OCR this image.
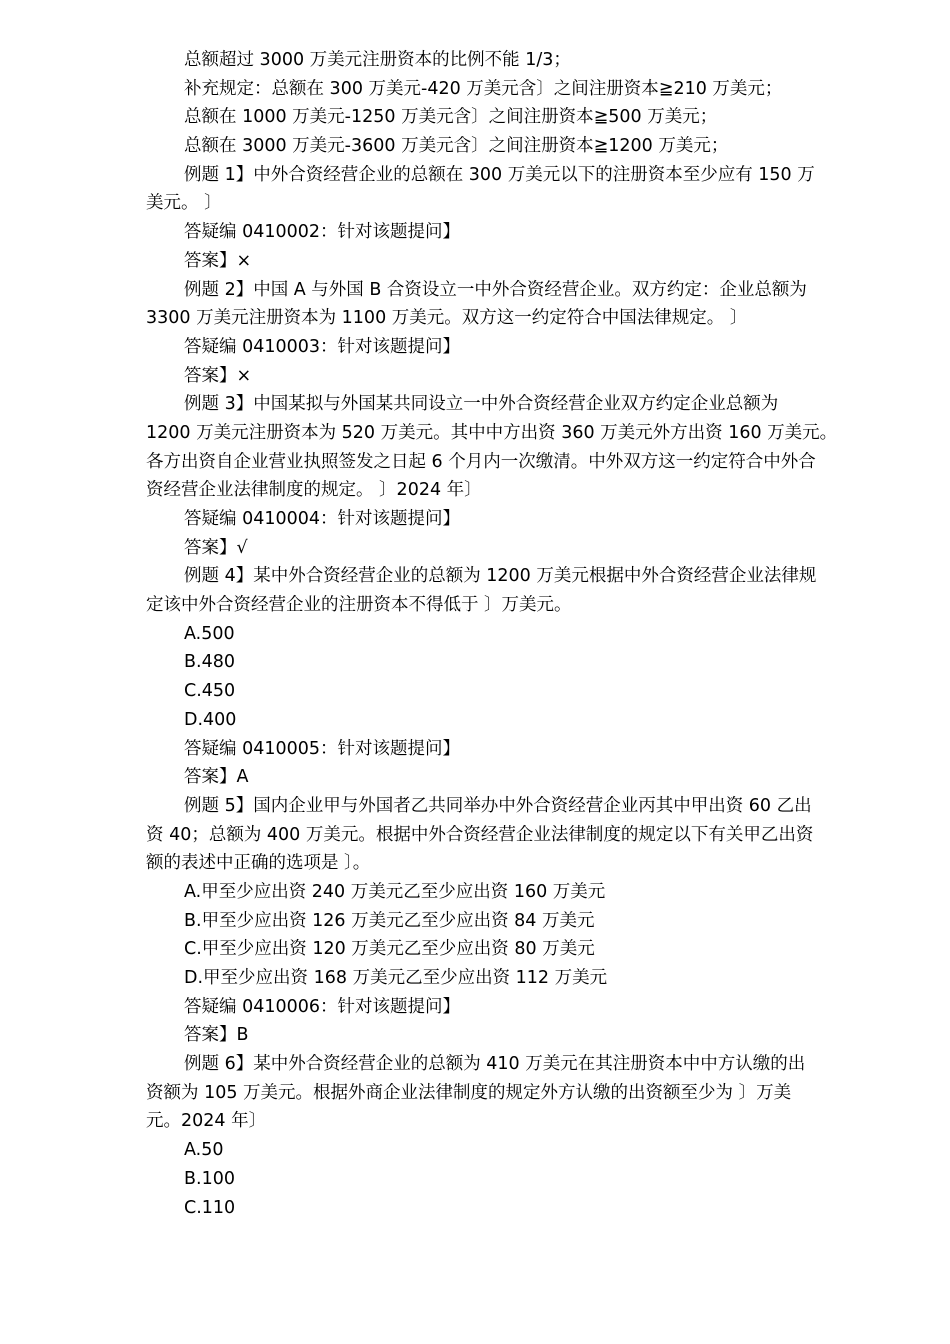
总额超过 3000 万美元注册资本的比例不能 1/3；
补充规定：总额在 300 万美元-420 万美元含〕之间注册资本≧210 万美元；
总额在 1000 万美元-1250 万美元含〕之间注册资本≧500 万美元；
总额在 3000 万美元-3600 万美元含〕之间注册资本≧1200 万美元；
例题 1】中外合资经营企业的总额在 300 万美元以下的注册资本至少应有 150 万
美元。 〕
答疑编 0410002：针对该题提问】
答案】×
例题 2】中国 A 与外国 B 合资设立一中外合资经营企业。双方约定：企业总额为
3300 万美元注册资本为 1100 万美元。双方这一约定符合中国法律规定。 〕
答疑编 0410003：针对该题提问】
答案】×
例题 3】中国某拟与外国某共同设立一中外合资经营企业双方约定企业总额为
1200 万美元注册资本为 520 万美元。其中中方出资 360 万美元外方出资 160 万美元。
各方出资自企业营业执照签发之日起 6 个月内一次缴清。中外双方这一约定符合中外合
资经营企业法律制度的规定。 〕2024 年〕
答疑编 0410004：针对该题提问】
答案】√
例题 4】某中外合资经营企业的总额为 1200 万美元根据中外合资经营企业法律规
定该中外合资经营企业的注册资本不得低于 〕万美元。
A.500
B.480
C.450
D.400
答疑编 0410005：针对该题提问】
答案】A
例题 5】国内企业甲与外国者乙共同举办中外合资经营企业丙其中甲出资 60 乙出
资 40；总额为 400 万美元。根据中外合资经营企业法律制度的规定以下有关甲乙出资
额的表述中正确的选项是 〕。
A.甲至少应出资 240 万美元乙至少应出资 160 万美元
B.甲至少应出资 126 万美元乙至少应出资 84 万美元
C.甲至少应出资 120 万美元乙至少应出资 80 万美元
D.甲至少应出资 168 万美元乙至少应出资 112 万美元
答疑编 0410006：针对该题提问】
答案】B
例题 6】某中外合资经营企业的总额为 410 万美元在其注册资本中中方认缴的出
资额为 105 万美元。根据外商企业法律制度的规定外方认缴的出资额至少为 〕万美
元。2024 年〕
A.50
B.100
C.110
